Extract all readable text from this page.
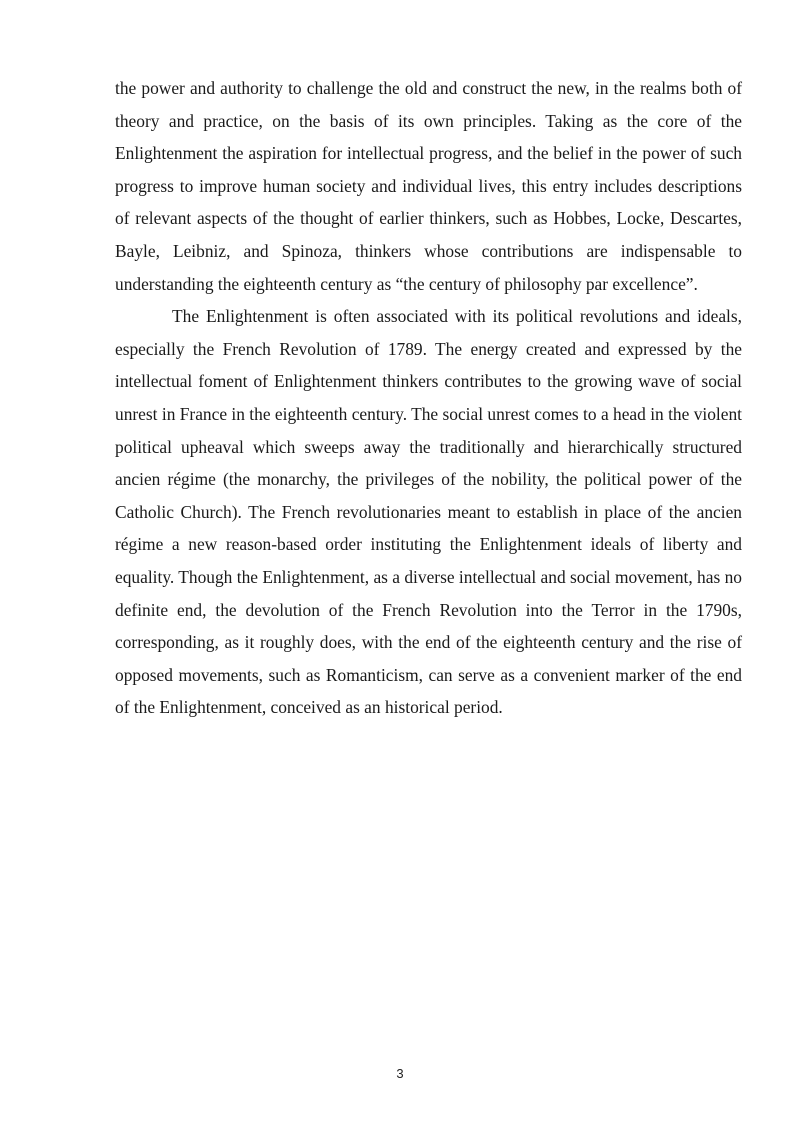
the power and authority to challenge the old and construct the new, in the realms both of theory and practice, on the basis of its own principles. Taking as the core of the Enlightenment the aspiration for intellectual progress, and the belief in the power of such progress to improve human society and individual lives, this entry includes descriptions of relevant aspects of the thought of earlier thinkers, such as Hobbes, Locke, Descartes, Bayle, Leibniz, and Spinoza, thinkers whose contributions are indispensable to understanding the eighteenth century as “the century of philosophy par excellence”.

The Enlightenment is often associated with its political revolutions and ideals, especially the French Revolution of 1789. The energy created and expressed by the intellectual foment of Enlightenment thinkers contributes to the growing wave of social unrest in France in the eighteenth century. The social unrest comes to a head in the violent political upheaval which sweeps away the traditionally and hierarchically structured ancien régime (the monarchy, the privileges of the nobility, the political power of the Catholic Church). The French revolutionaries meant to establish in place of the ancien régime a new reason-based order instituting the Enlightenment ideals of liberty and equality. Though the Enlightenment, as a diverse intellectual and social movement, has no definite end, the devolution of the French Revolution into the Terror in the 1790s, corresponding, as it roughly does, with the end of the eighteenth century and the rise of opposed movements, such as Romanticism, can serve as a convenient marker of the end of the Enlightenment, conceived as an historical period.

3
